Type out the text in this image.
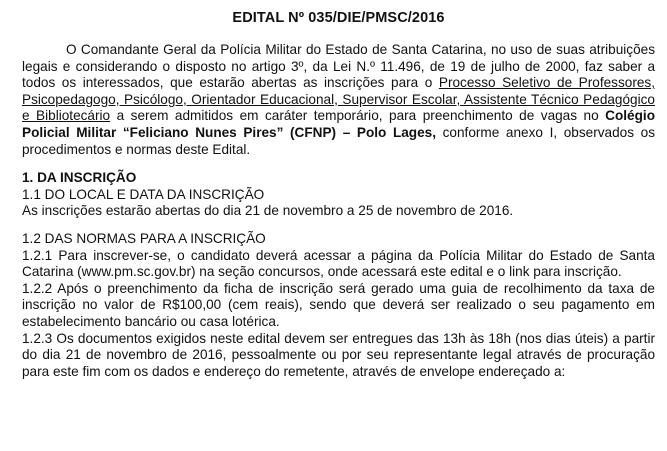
EDITAL Nº 035/DIE/PMSC/2016

O Comandante Geral da Polícia Militar do Estado de Santa Catarina, no uso de suas atribuições legais e considerando o disposto no artigo 3º, da Lei N.º 11.496, de 19 de julho de 2000, faz saber a todos os interessados, que estarão abertas as inscrições para o Processo Seletivo de Professores, Psicopedagogo, Psicólogo, Orientador Educacional, Supervisor Escolar, Assistente Técnico Pedagógico e Bibliotecário a serem admitidos em caráter temporário, para preenchimento de vagas no Colégio Policial Militar “Feliciano Nunes Pires” (CFNP) – Polo Lages, conforme anexo I, observados os procedimentos e normas deste Edital.

1. DA INSCRIÇÃO
1.1 DO LOCAL E DATA DA INSCRIÇÃO

As inscrições estarão abertas do dia 21 de novembro a 25 de novembro de 2016.

1.2 DAS NORMAS PARA A INSCRIÇÃO

1.2.1 Para inscrever-se, o candidato deverá acessar a página da Polícia Militar do Estado de Santa Catarina (www.pm.sc.gov.br) na seção concursos, onde acessará este edital e o link para inscrição.

1.2.2 Após o preenchimento da ficha de inscrição será gerado uma guia de recolhimento da taxa de inscrição no valor de R$100,00 (cem reais), sendo que deverá ser realizado o seu pagamento em estabelecimento bancário ou casa lotérica.

1.2.3 Os documentos exigidos neste edital devem ser entregues das 13h às 18h (nos dias úteis) a partir do dia 21 de novembro de 2016, pessoalmente ou por seu representante legal através de procuração para este fim com os dados e endereço do remetente, através de envelope endereçado a:
